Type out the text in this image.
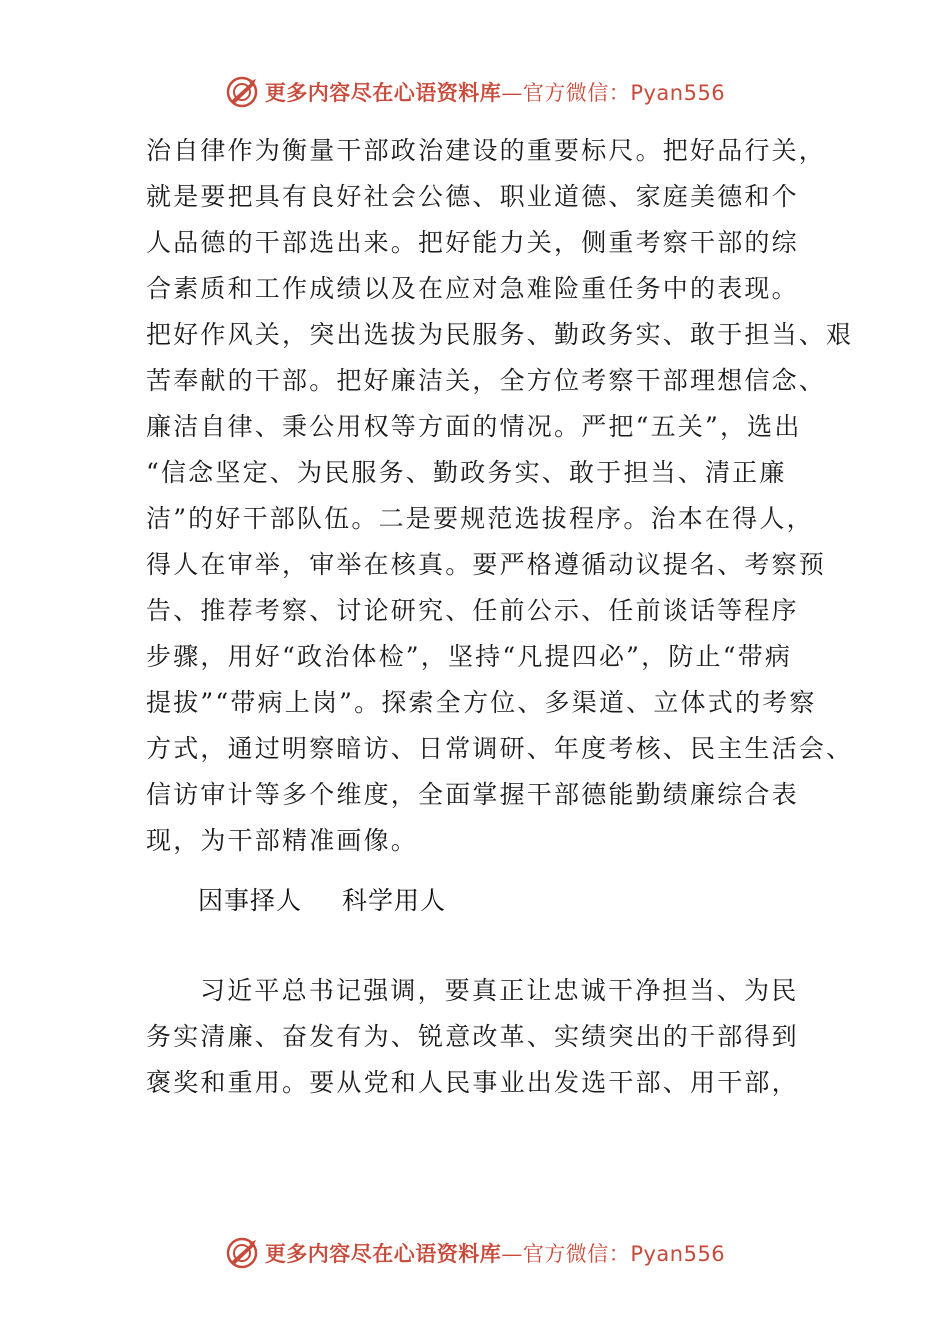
更多内容尽在心语资料库—官方微信：Pyan556
治自律作为衡量干部政治建设的重要标尺。把好品行关，
就是要把具有良好社会公德、职业道德、家庭美德和个
人品德的干部选出来。把好能力关，侧重考察干部的综
合素质和工作成绩以及在应对急难险重任务中的表现。
把好作风关，突出选拔为民服务、勤政务实、敢于担当、艰
苦奉献的干部。把好廉洁关，全方位考察干部理想信念、
廉洁自律、秉公用权等方面的情况。严把“五关”，选出
“信念坚定、为民服务、勤政务实、敢于担当、清正廉
洁”的好干部队伍。二是要规范选拔程序。治本在得人，
得人在审举，审举在核真。要严格遵循动议提名、考察预
告、推荐考察、讨论研究、任前公示、任前谈话等程序
步骤，用好“政治体检”，坚持“凡提四必”，防止“带病
提拔”“带病上岗”。探索全方位、多渠道、立体式的考察
方式，通过明察暗访、日常调研、年度考核、民主生活会、
信访审计等多个维度，全面掌握干部德能勤绩廉综合表
现，为干部精准画像。
因事择人 科学用人
习近平总书记强调，要真正让忠诚干净担当、为民
务实清廉、奋发有为、锐意改革、实绩突出的干部得到
褒奖和重用。要从党和人民事业出发选干部、用干部，
更多内容尽在心语资料库—官方微信：Pyan556
